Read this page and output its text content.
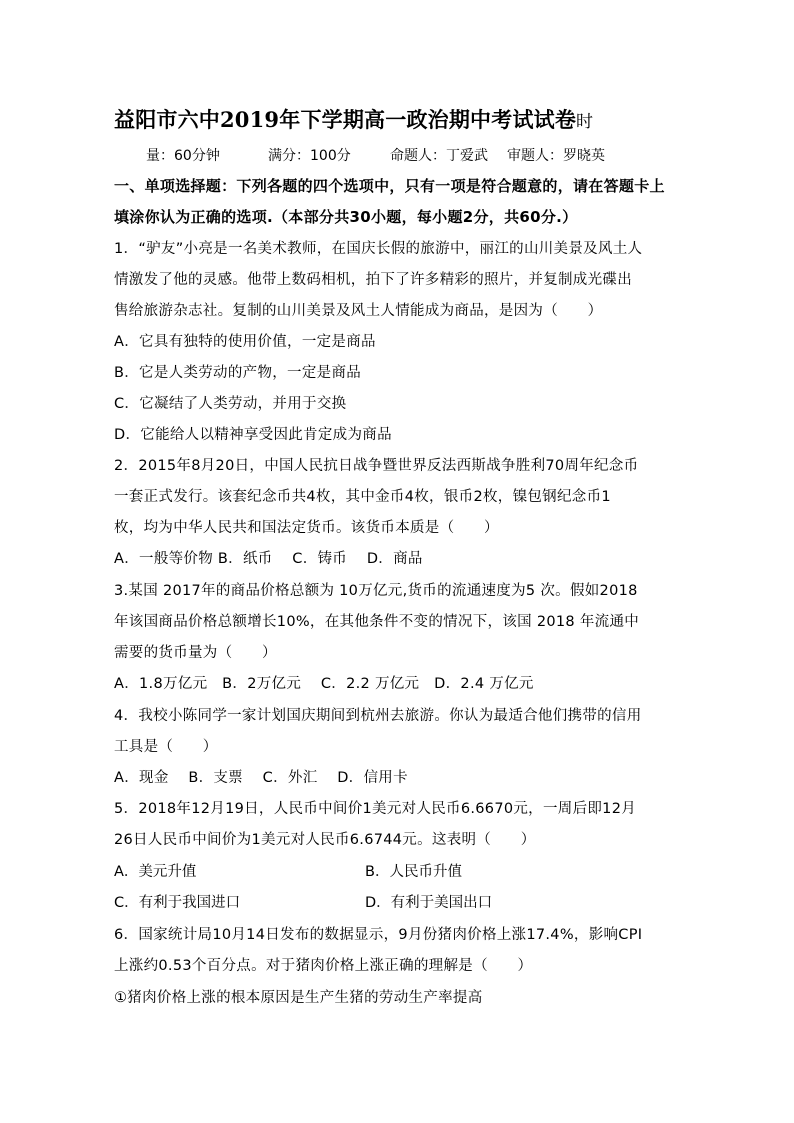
益阳市六中2019年下学期高一政治期中考试试卷时
量：60分钟	满分：100分	命题人：丁爱武 审题人：罗晓英
一、单项选择题：下列各题的四个选项中，只有一项是符合题意的，请在答题卡上填涂你认为正确的选项.（本部分共30小题，每小题2分，共60分.）
1．“驴友”小亮是一名美术教师，在国庆长假的旅游中，丽江的山川美景及风土人
情激发了他的灵感。他带上数码相机，拍下了许多精彩的照片，并复制成光碟出
售给旅游杂志社。复制的山川美景及风土人情能成为商品，是因为（　　）
A．它具有独特的使用价值，一定是商品
B．它是人类劳动的产物，一定是商品
C．它凝结了人类劳动，并用于交换
D．它能给人以精神享受因此肯定成为商品
2．2015年8月20日，中国人民抗日战争暨世界反法西斯战争胜利70周年纪念币
一套正式发行。该套纪念币共4枚，其中金币4枚，银币2枚，镍包钢纪念币1
枚，均为中华人民共和国法定货币。该货币本质是（　　）
A．一般等价物 B．纸币　 C．铸币　 D．商品
3.某国 2017年的商品价格总额为 10万亿元,货币的流通速度为5 次。假如2018
年该国商品价格总额增长10%，在其他条件不变的情况下，该国 2018 年流通中
需要的货币量为（　　）
A．1.8万亿元　B．2万亿元　 C．2.2 万亿元　D．2.4 万亿元
4．我校小陈同学一家计划国庆期间到杭州去旅游。你认为最适合他们携带的信用
工具是（　　）
A．现金　 B．支票　 C．外汇　 D．信用卡
5．2018年12月19日，人民币中间价1美元对人民币6.6670元，一周后即12月
26日人民币中间价为1美元对人民币6.6744元。这表明（　　）
A．美元升值	B．人民币升值
C．有利于我国进口	D．有利于美国出口
6．国家统计局10月14日发布的数据显示，9月份猪肉价格上涨17.4%，影响CPI
上涨约0.53个百分点。对于猪肉价格上涨正确的理解是（　　）
①猪肉价格上涨的根本原因是生产生猪的劳动生产率提高
